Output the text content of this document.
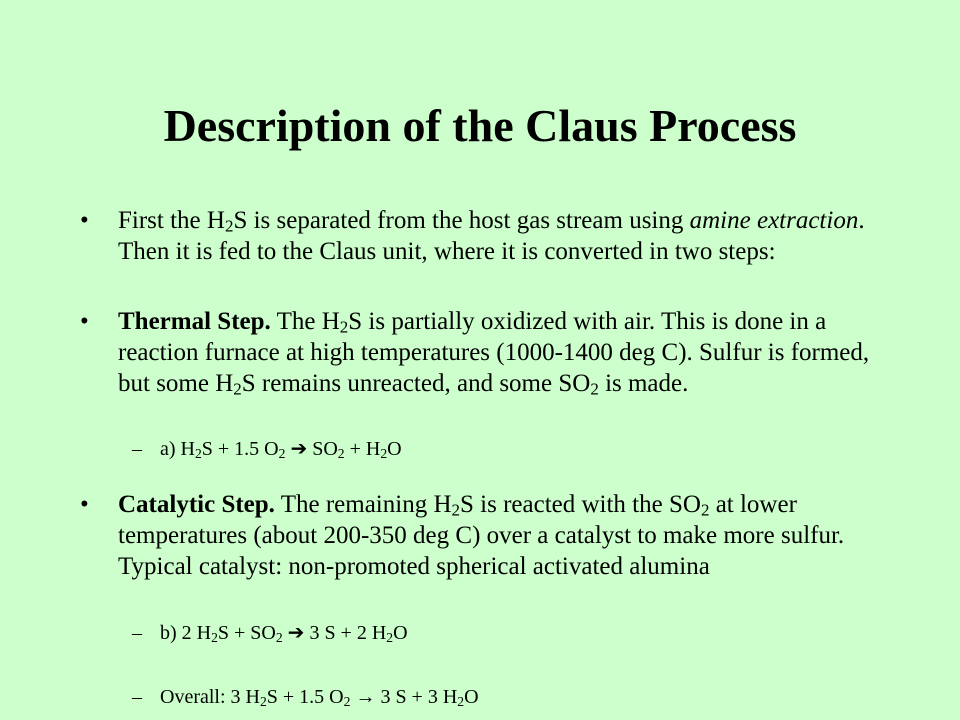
Description of the Claus Process
• First the $H_2S$ is separated from the host gas stream using amine extraction. Then it is fed to the Claus unit, where it is converted in two steps:
• Thermal Step. The $H_2S$ is partially oxidized with air. This is done in a reaction furnace at high temperatures (1000-1400 deg C). Sulfur is formed, but some $H_2S$ remains unreacted, and some $SO_2$ is made.
– a) $H_2S + 1.5$ $O_2$ ➔ $SO_2 + H_2O$
• Catalytic Step. The remaining $H_2S$ is reacted with the $SO_2$ at lower temperatures (about 200-350 deg C) over a catalyst to make more sulfur. Typical catalyst: non-promoted spherical activated alumina
– b) 2 $H_2S + SO_2$ ➔ 3 S + 2 $H_2O$
– Overall: 3 $H_2S + 1.5$ $O_2 \to 3$ S + 3 $H_2O$
